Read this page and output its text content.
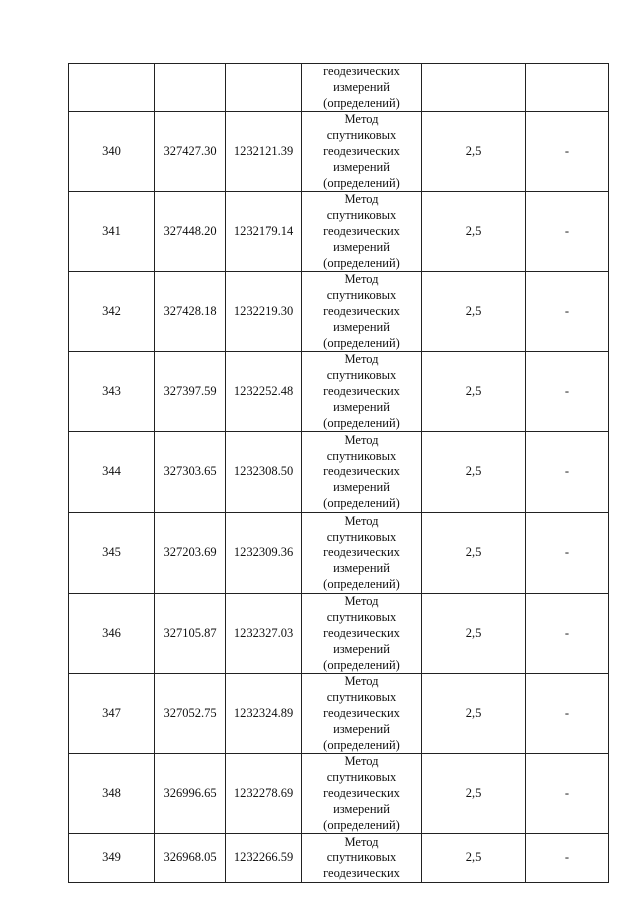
			геодезических
измерений
(определений)		

340	327427.30	1232121.39	Метод
спутниковых
геодезических
измерений
(определений)	2,5	-
341	327448.20	1232179.14	Метод
спутниковых
геодезических
измерений
(определений)	2,5	-
342	327428.18	1232219.30	Метод
спутниковых
геодезических
измерений
(определений)	2,5	-
343	327397.59	1232252.48	Метод
спутниковых
геодезических
измерений
(определений)	2,5	-
344	327303.65	1232308.50	Метод
спутниковых
геодезических
измерений
(определений)	2,5	-
345	327203.69	1232309.36	Метод
спутниковых
геодезических
измерений
(определений)	2,5	-
346	327105.87	1232327.03	Метод
спутниковых
геодезических
измерений
(определений)	2,5	-
347	327052.75	1232324.89	Метод
спутниковых
геодезических
измерений
(определений)	2,5	-
348	326996.65	1232278.69	Метод
спутниковых
геодезических
измерений
(определений)	2,5	-
349	326968.05	1232266.59	Метод
спутниковых
геодезических	2,5	-
